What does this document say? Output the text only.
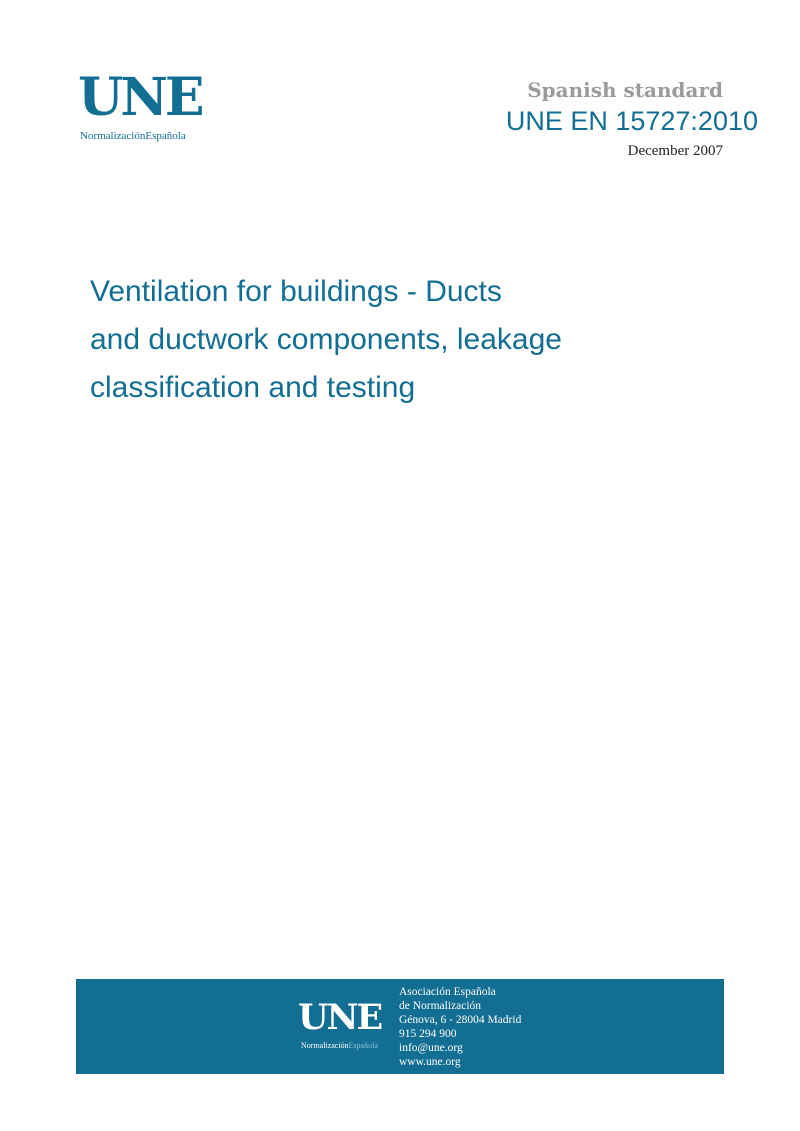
UNE
NormalizaciónEspañola
Spanish standard
UNE EN 15727:2010
December 2007
Ventilation for buildings - Ducts
and ductwork components, leakage
classification and testing
UNE
NormalizaciónEspañola
Asociación Española
de Normalización
Génova, 6 - 28004 Madrid
915 294 900
info@une.org
www.une.org
